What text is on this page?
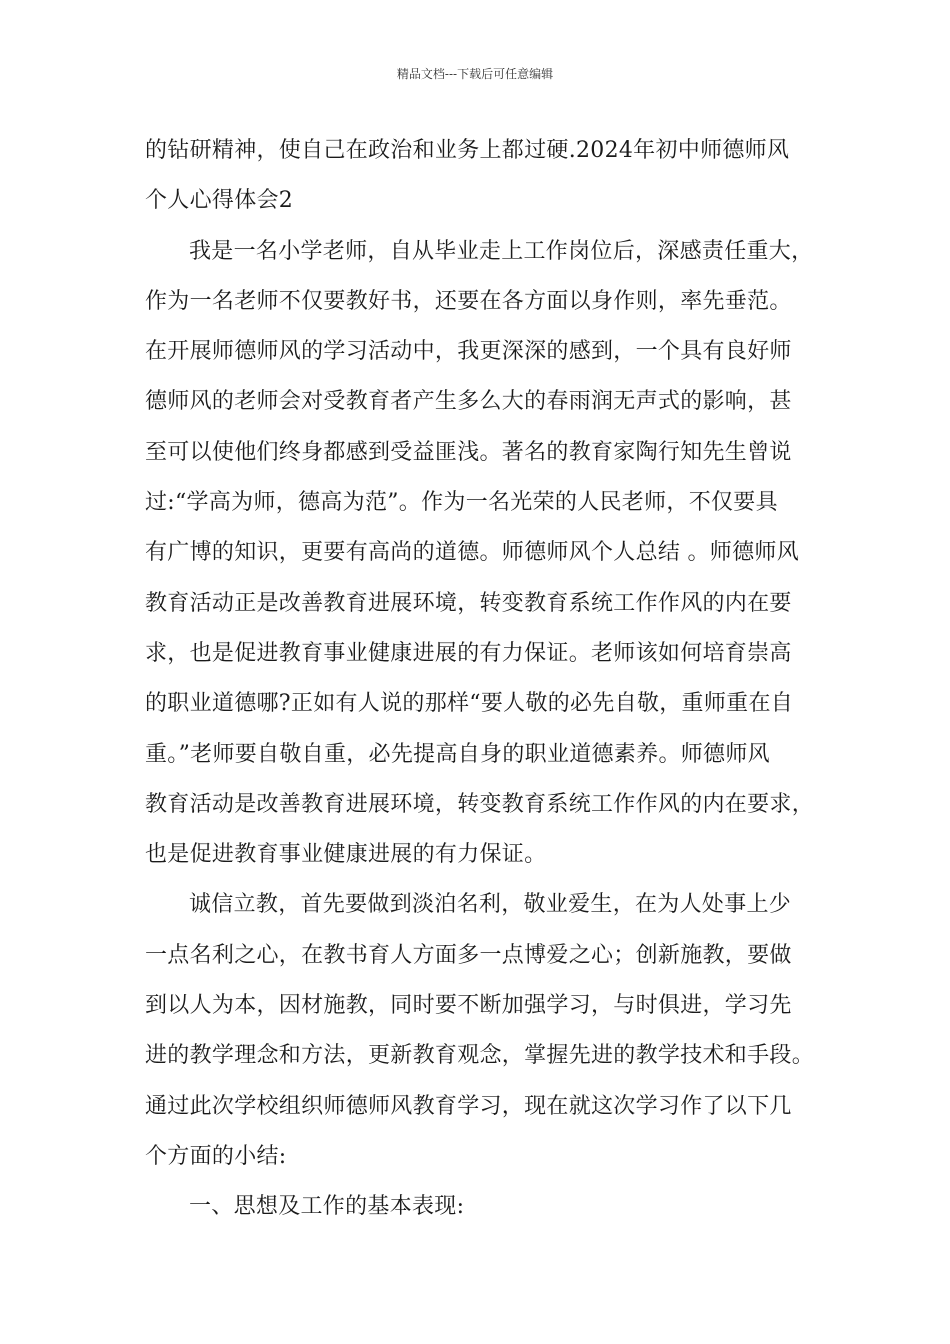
精品文档---下载后可任意编辑
的钻研精神，使自己在政治和业务上都过硬.2024年初中师德师风
个人心得体会2
我是一名小学老师，自从毕业走上工作岗位后，深感责任重大，
作为一名老师不仅要教好书，还要在各方面以身作则，率先垂范。
在开展师德师风的学习活动中，我更深深的感到，一个具有良好师
德师风的老师会对受教育者产生多么大的春雨润无声式的影响，甚
至可以使他们终身都感到受益匪浅。著名的教育家陶行知先生曾说
过:“学高为师，德高为范”。作为一名光荣的人民老师，不仅要具
有广博的知识，更要有高尚的道德。师德师风个人总结 。师德师风
教育活动正是改善教育进展环境，转变教育系统工作作风的内在要
求，也是促进教育事业健康进展的有力保证。老师该如何培育崇高
的职业道德哪?正如有人说的那样“要人敬的必先自敬，重师重在自
重。”老师要自敬自重，必先提高自身的职业道德素养。师德师风
教育活动是改善教育进展环境，转变教育系统工作作风的内在要求，
也是促进教育事业健康进展的有力保证。
诚信立教，首先要做到淡泊名利，敬业爱生，在为人处事上少
一点名利之心，在教书育人方面多一点博爱之心；创新施教，要做
到以人为本，因材施教，同时要不断加强学习，与时俱进，学习先
进的教学理念和方法，更新教育观念，掌握先进的教学技术和手段。
通过此次学校组织师德师风教育学习，现在就这次学习作了以下几
个方面的小结:
一、思想及工作的基本表现:
